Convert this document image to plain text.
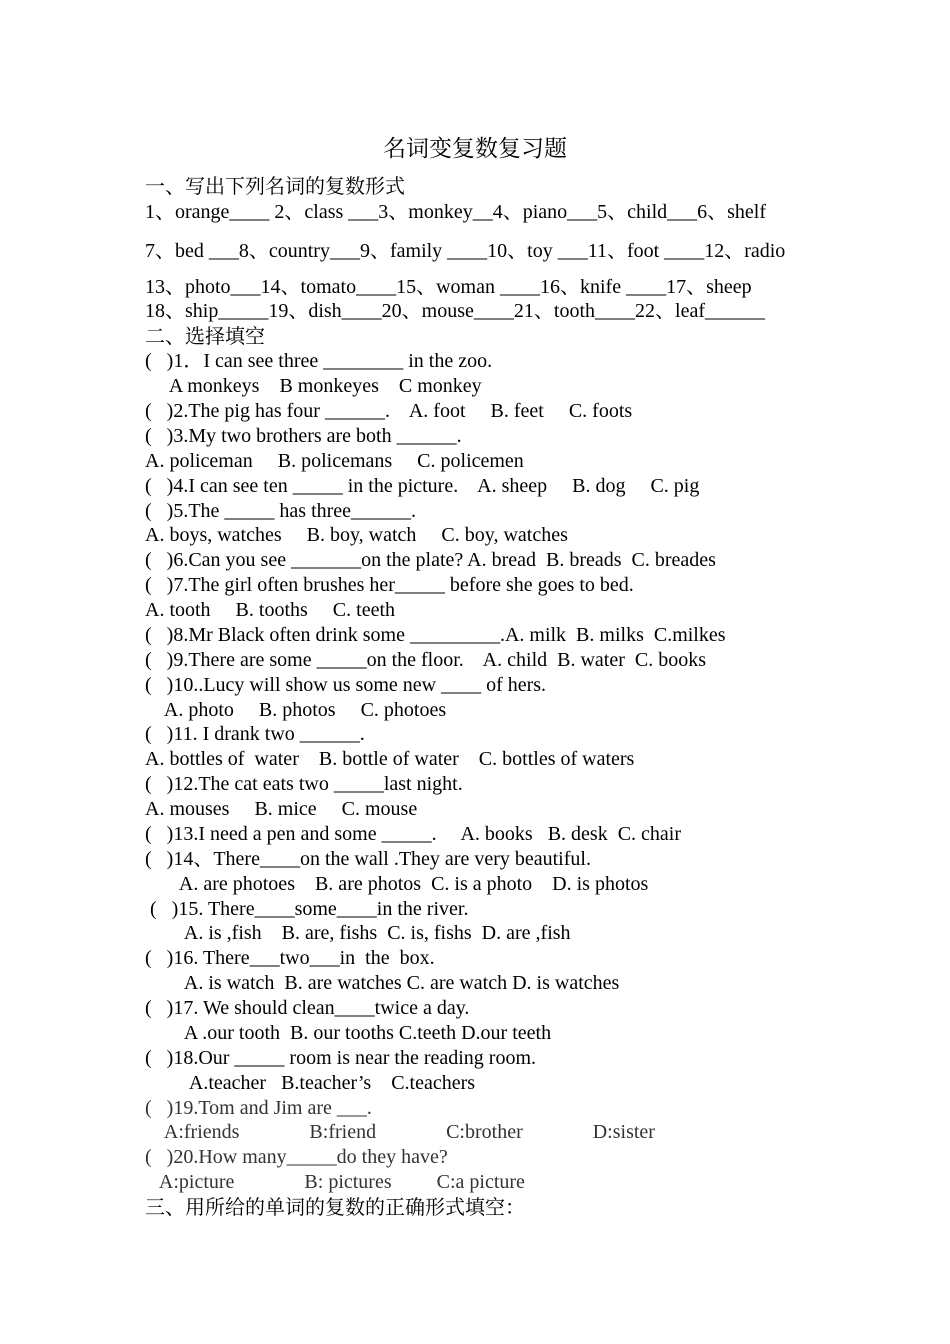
名词变复数复习题

一、写出下列名词的复数形式

1、orange____ 2、class ___3、monkey__4、piano___5、child___6、shelf

7、bed ___8、country___9、family ____10、toy ___11、foot ____12、radio

13、photo___14、tomato____15、woman ____16、knife ____17、sheep

18、ship_____19、dish____20、mouse____21、tooth____22、leaf______

二、选择填空

(   )1．I can see three ________ in the zoo.

A monkeys    B monkeyes    C monkey

(   )2.The pig has four ______.    A. foot     B. feet     C. foots

(   )3.My two brothers are both ______.

A. policeman     B. policemans     C. policemen

(   )4.I can see ten _____ in the picture.    A. sheep     B. dog     C. pig

(   )5.The _____ has three______.

A. boys, watches     B. boy, watch     C. boy, watches

(   )6.Can you see _______on the plate? A. bread  B. breads  C. breades

(   )7.The girl often brushes her_____ before she goes to bed.

A. tooth     B. tooths     C. teeth

(   )8.Mr Black often drink some _________.A. milk  B. milks  C.milkes

(   )9.There are some _____on the floor.    A. child  B. water  C. books

(   )10..Lucy will show us some new ____ of hers.

A. photo     B. photos     C. photoes

(   )11. I drank two ______.

A. bottles of  water    B. bottle of water    C. bottles of waters

(   )12.The cat eats two _____last night.

A. mouses     B. mice     C. mouse

(   )13.I need a pen and some _____.     A. books   B. desk  C. chair

(   )14、There____on the wall .They are very beautiful.

A. are photoes    B. are photos  C. is a photo    D. is photos

(   )15. There____some____in the river.

A. is ,fish    B. are, fishs  C. is, fishs  D. are ,fish

(   )16. There___two___in  the  box.

A. is watch  B. are watches C. are watch D. is watches

(   )17. We should clean____twice a day.

A .our tooth  B. our tooths C.teeth D.our teeth

(   )18.Our _____ room is near the reading room.

A.teacher   B.teacher’s    C.teachers

(   )19.Tom and Jim are ___.

A:friends              B:friend              C:brother              D:sister

(   )20.How many_____do they have?

A:picture              B: pictures         C:a picture

三、用所给的单词的复数的正确形式填空：
